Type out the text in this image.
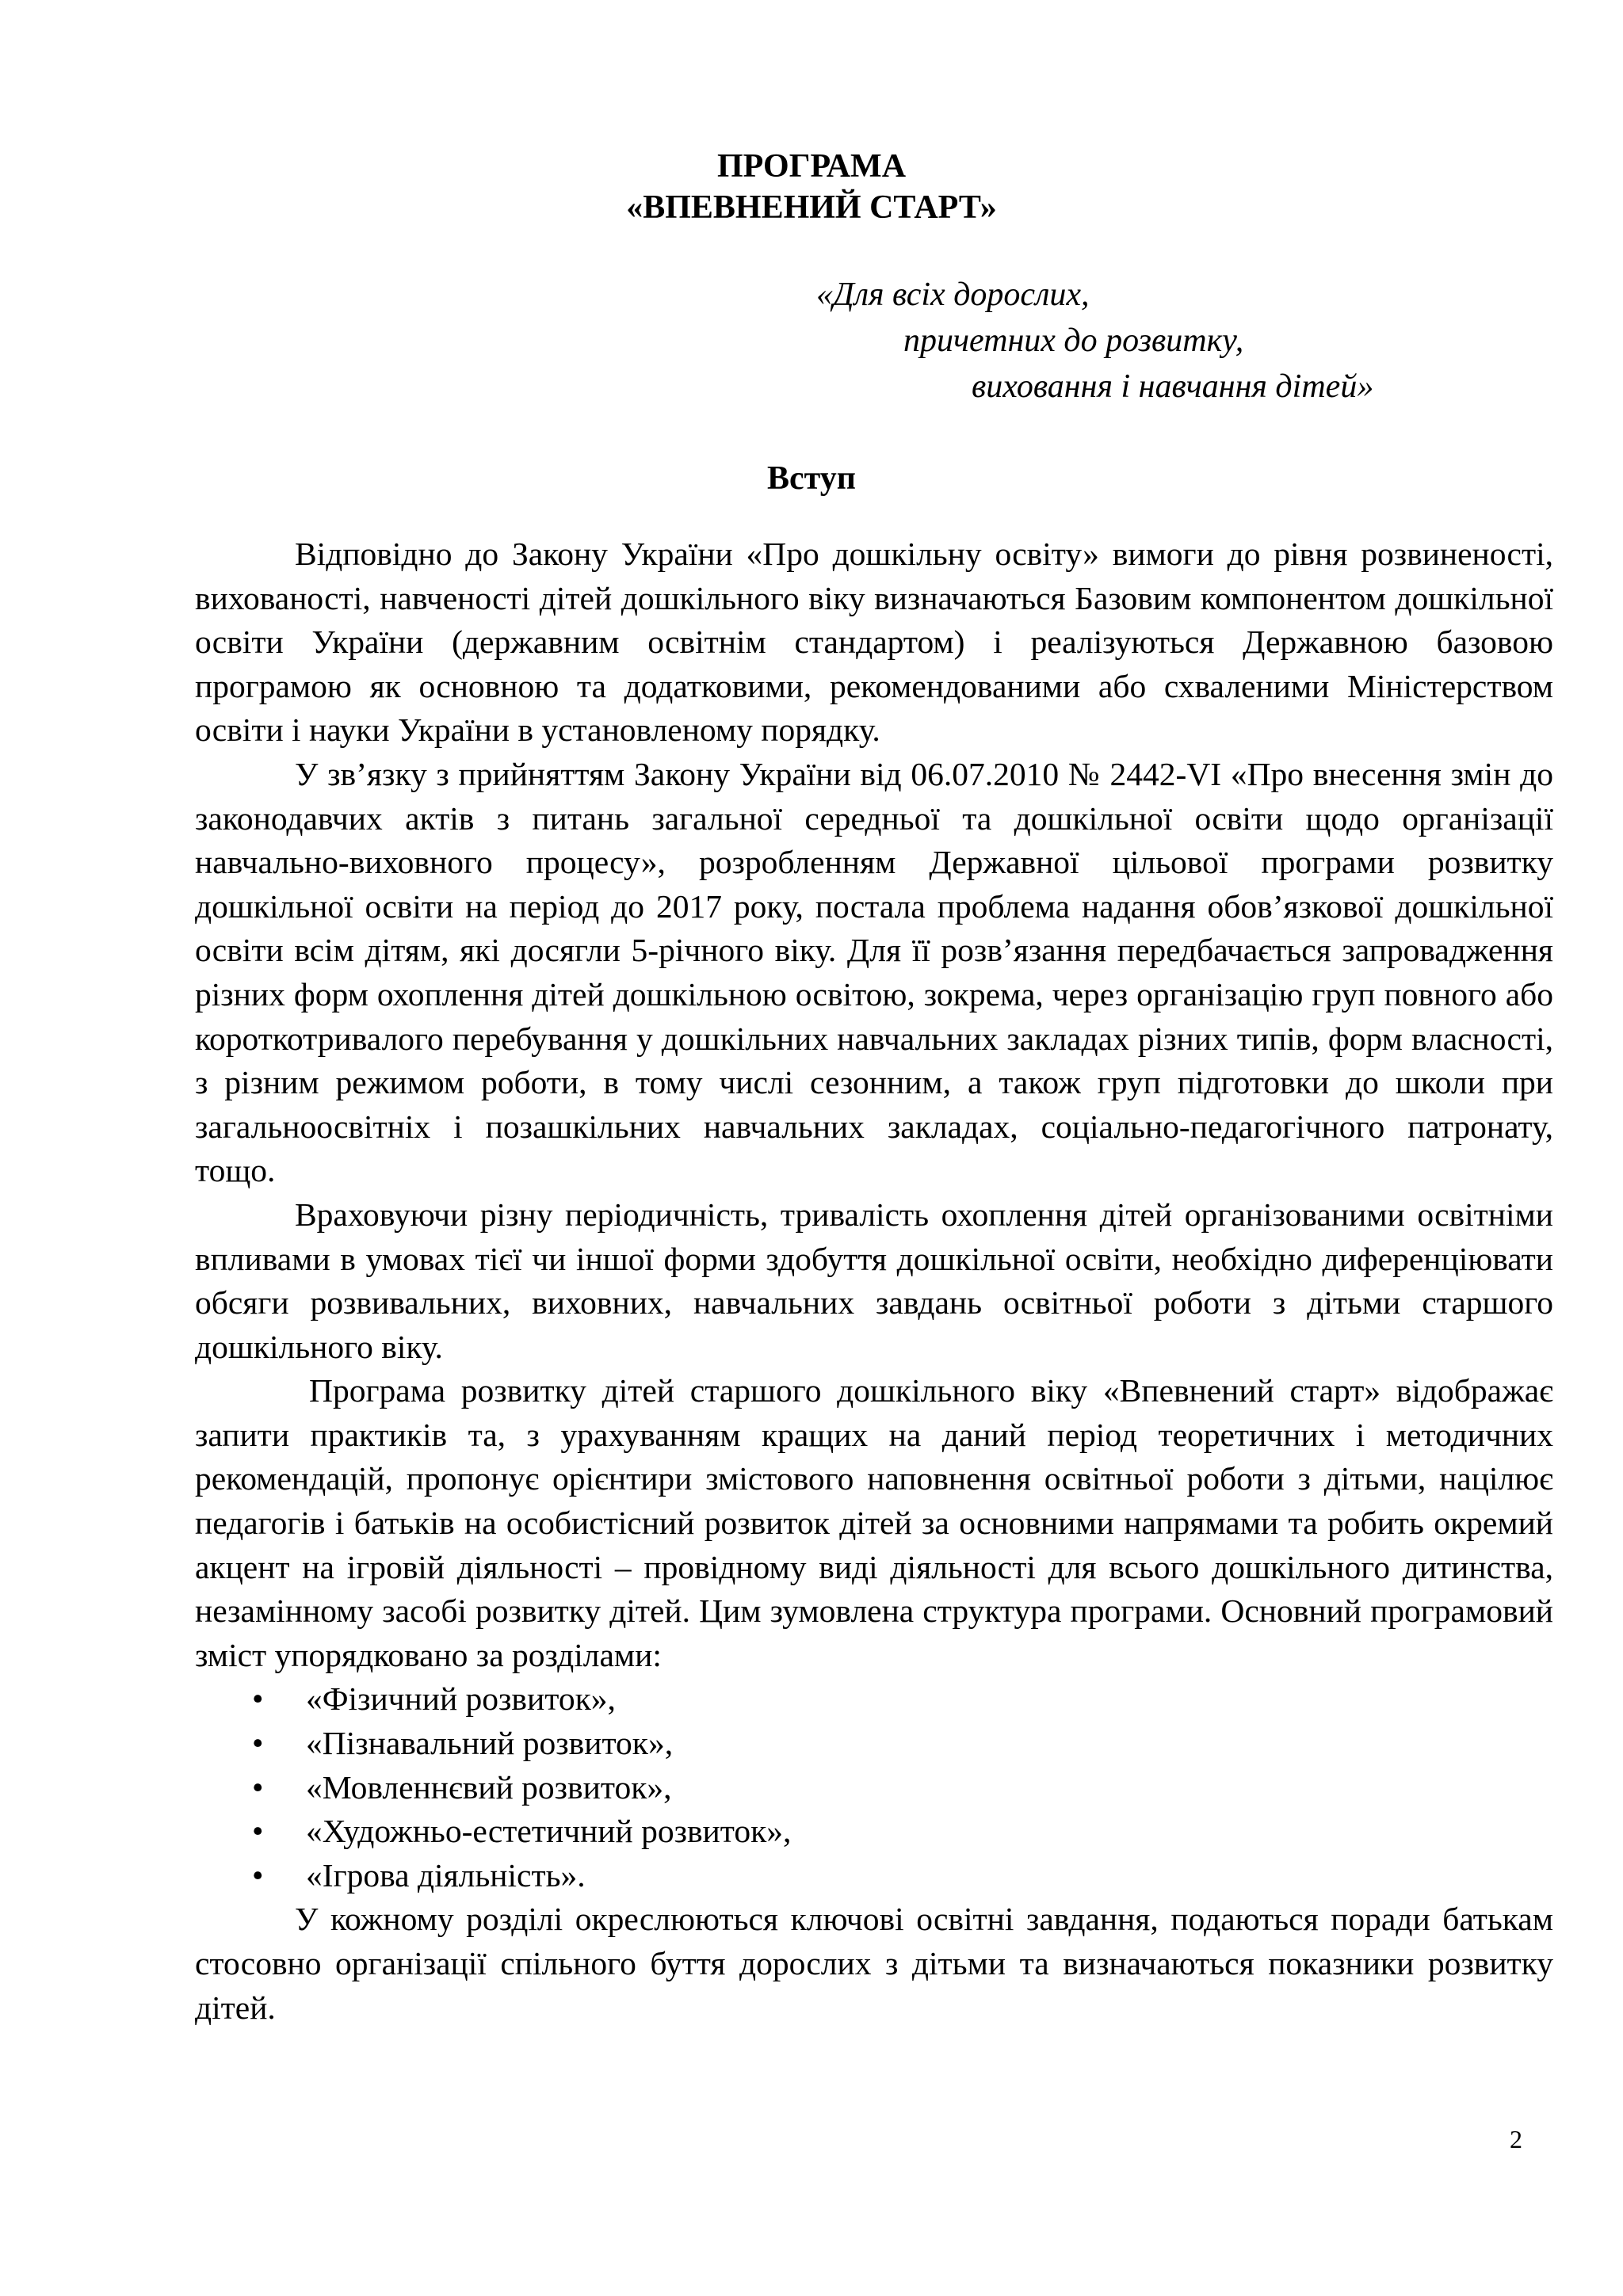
ПРОГРАМА

«ВПЕВНЕНИЙ СТАРТ»

«Для всіх дорослих,

причетних до розвитку,

виховання і навчання дітей»

Вступ

Відповідно до Закону України «Про дошкільну освіту» вимоги до рівня розвиненості, вихованості, навченості дітей дошкільного віку визначаються Базовим компонентом дошкільної освіти України (державним освітнім стандартом) і реалізуються Державною базовою програмою як основною та додатковими, рекомендованими або схваленими Міністерством освіти і науки України в установленому порядку.

У зв’язку з прийняттям Закону України від 06.07.2010 № 2442-VI «Про внесення змін до законодавчих актів з питань загальної середньої та дошкільної освіти щодо організації навчально-виховного процесу», розробленням Державної цільової програми розвитку дошкільної освіти на період до 2017 року, постала проблема надання обов’язкової дошкільної освіти всім дітям, які досягли 5-річного віку. Для її розв’язання передбачається запровадження різних форм охоплення дітей дошкільною освітою, зокрема, через організацію груп повного або короткотривалого перебування у дошкільних навчальних закладах різних типів, форм власності, з різним режимом роботи, в тому числі сезонним, а також груп підготовки до школи при загальноосвітніх і позашкільних навчальних закладах, соціально-педагогічного патронату, тощо.

Враховуючи різну періодичність, тривалість охоплення дітей організованими освітніми впливами в умовах тієї чи іншої форми здобуття дошкільної освіти, необхідно диференціювати обсяги розвивальних, виховних, навчальних завдань освітньої роботи з дітьми старшого дошкільного віку.

Програма розвитку дітей старшого дошкільного віку «Впевнений старт» відображає запити практиків та, з урахуванням кращих на даний період теоретичних і методичних рекомендацій, пропонує орієнтири змістового наповнення освітньої роботи з дітьми, націлює педагогів і батьків на особистісний розвиток дітей за основними напрямами та робить окремий акцент на ігровій діяльності – провідному виді діяльності для всього дошкільного дитинства, незамінному засобі розвитку дітей. Цим зумовлена структура програми. Основний програмовий зміст упорядковано за розділами:

• «Фізичний розвиток»,
• «Пізнавальний розвиток»,
• «Мовленнєвий розвиток»,
• «Художньо-естетичний розвиток»,
• «Ігрова діяльність».

У кожному розділі окреслюються ключові освітні завдання, подаються поради батькам стосовно організації спільного буття дорослих з дітьми та визначаються показники розвитку дітей.

2
